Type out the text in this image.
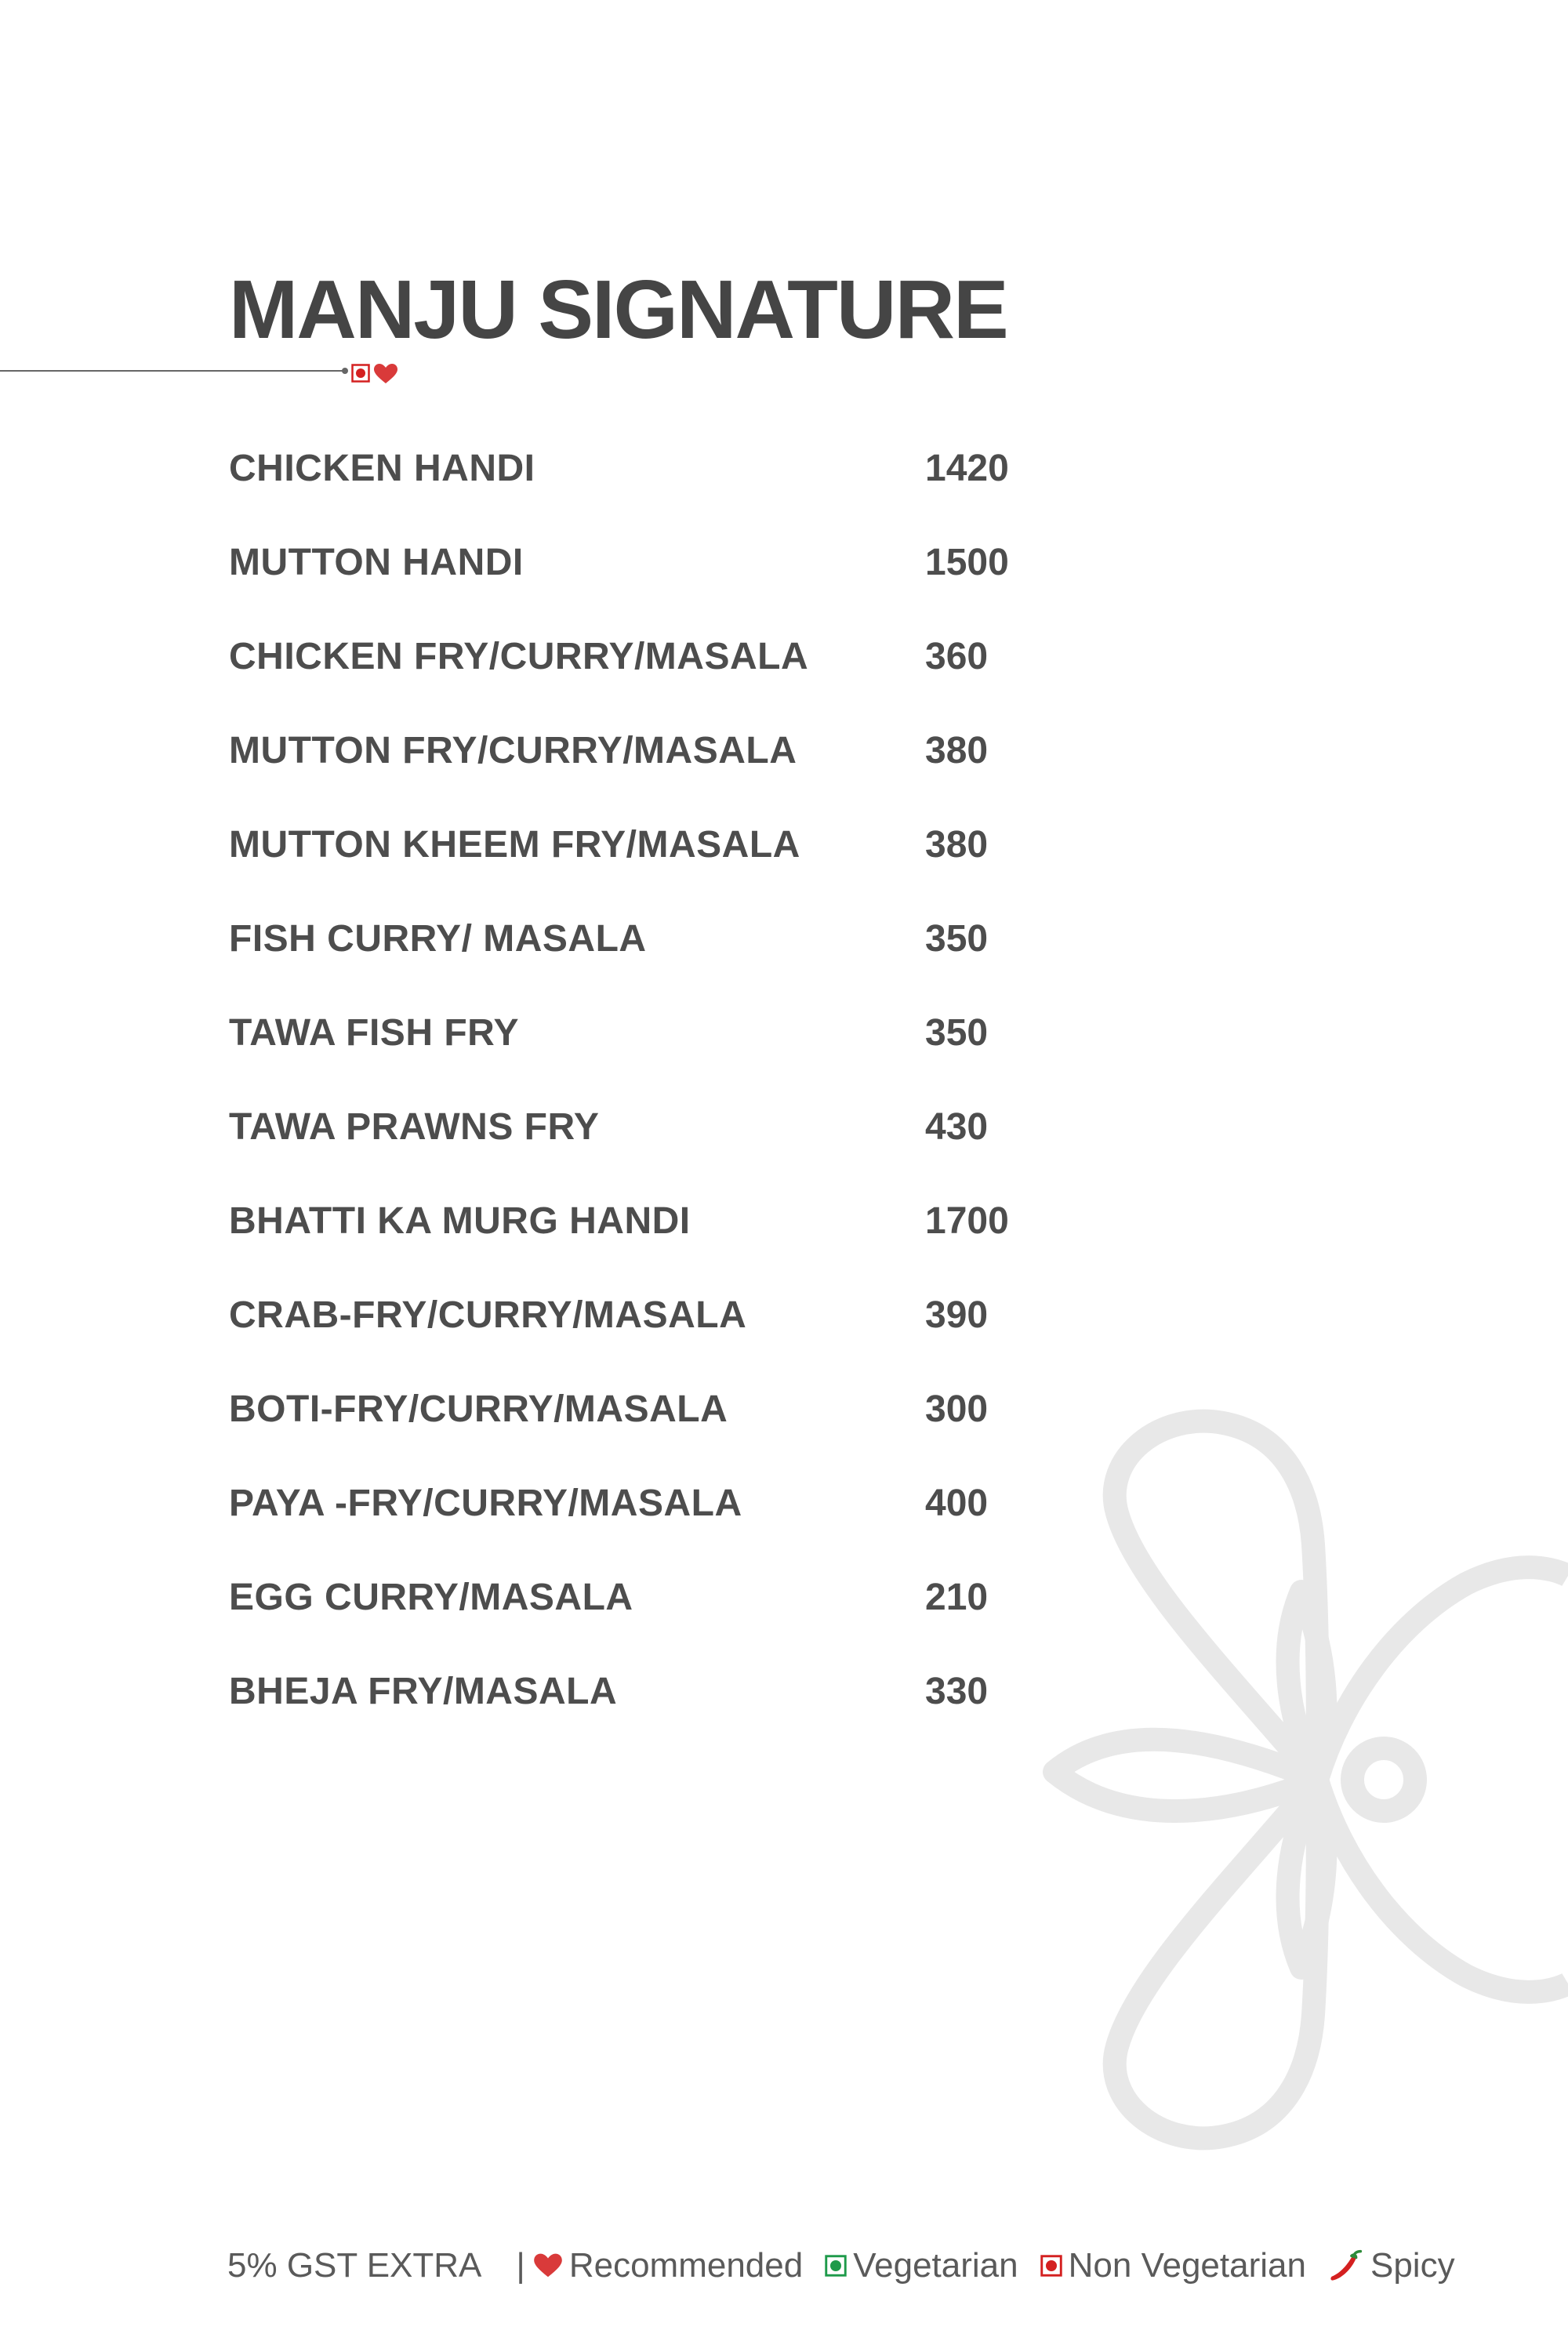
MANJU SIGNATURE
CHICKEN HANDI	1420
MUTTON HANDI	1500
CHICKEN FRY/CURRY/MASALA	360
MUTTON FRY/CURRY/MASALA	380
MUTTON KHEEM FRY/MASALA	380
FISH CURRY/ MASALA	350
TAWA FISH FRY	350
TAWA PRAWNS FRY	430
BHATTI KA MURG HANDI	1700
CRAB-FRY/CURRY/MASALA	390
BOTI-FRY/CURRY/MASALA	300
PAYA -FRY/CURRY/MASALA	400
EGG CURRY/MASALA	210
BHEJA FRY/MASALA	330
5% GST EXTRA | Recommended Vegetarian Non Vegetarian Spicy
